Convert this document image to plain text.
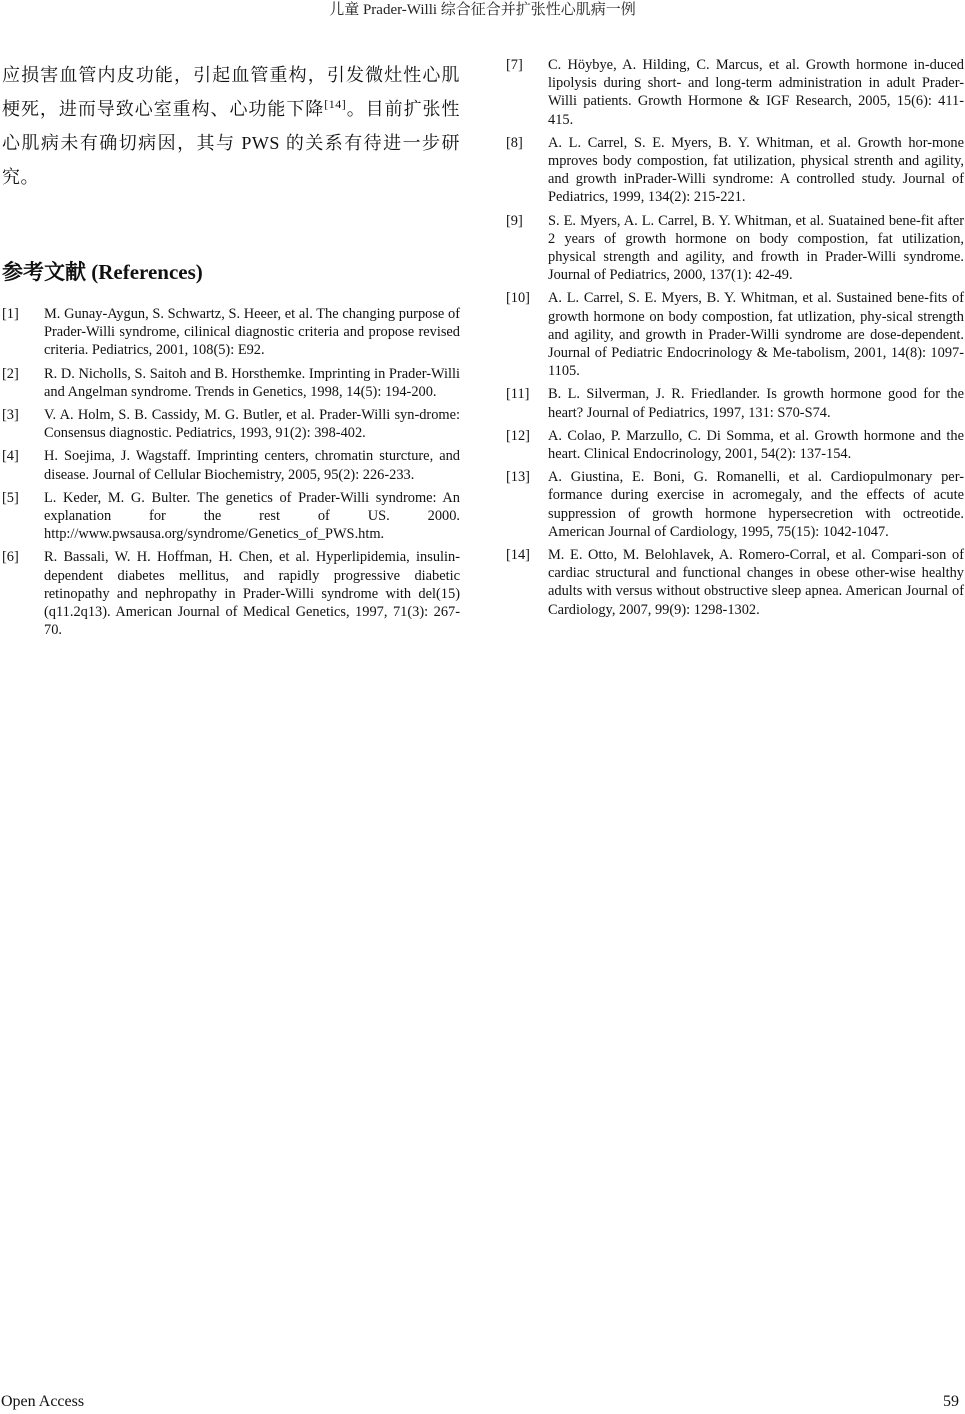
儿童 Prader-Willi 综合征合并扩张性心肌病一例

应损害血管内皮功能，引起血管重构，引发微灶性心肌梗死，进而导致心室重构、心功能下降[14]。目前扩张性心肌病未有确切病因，其与 PWS 的关系有待进一步研究。

参考文献 (References)
[1]	M. Gunay-Aygun, S. Schwartz, S. Heeer, et al. The changing purpose of Prader-Willi syndrome, cilinical diagnostic criteria and propose revised criteria. Pediatrics, 2001, 108(5): E92.
[2]	R. D. Nicholls, S. Saitoh and B. Horsthemke. Imprinting in Prader-Willi and Angelman syndrome. Trends in Genetics, 1998, 14(5): 194-200.
[3]	V. A. Holm, S. B. Cassidy, M. G. Butler, et al. Prader-Willi syn-drome: Consensus diagnostic. Pediatrics, 1993, 91(2): 398-402.
[4]	H. Soejima, J. Wagstaff. Imprinting centers, chromatin sturcture, and disease. Journal of Cellular Biochemistry, 2005, 95(2): 226-233.
[5]	L. Keder, M. G. Bulter. The genetics of Prader-Willi syndrome: An explanation for the rest of US. 2000. http://www.pwsausa.org/syndrome/Genetics_of_PWS.htm.
[6]	R. Bassali, W. H. Hoffman, H. Chen, et al. Hyperlipidemia, insulin-dependent diabetes mellitus, and rapidly progressive diabetic retinopathy and nephropathy in Prader-Willi syndrome with del(15)(q11.2q13). American Journal of Medical Genetics, 1997, 71(3): 267-70.
[7]	C. Höybye, A. Hilding, C. Marcus, et al. Growth hormone in-duced lipolysis during short- and long-term administration in adult Prader-Willi patients. Growth Hormone & IGF Research, 2005, 15(6): 411-415.
[8]	A. L. Carrel, S. E. Myers, B. Y. Whitman, et al. Growth hor-mone mproves body compostion, fat utilization, physical strenth and agility, and growth inPrader-Willi syndrome: A controlled study. Journal of Pediatrics, 1999, 134(2): 215-221.
[9]	S. E. Myers, A. L. Carrel, B. Y. Whitman, et al. Suatained bene-fit after 2 years of growth hormone on body compostion, fat utilization, physical strength and agility, and frowth in Prader-Willi syndrome. Journal of Pediatrics, 2000, 137(1): 42-49.
[10]	A. L. Carrel, S. E. Myers, B. Y. Whitman, et al. Sustained bene-fits of growth hormone on body compostion, fat utlization, phy-sical strength and agility, and growth in Prader-Willi syndrome are dose-dependent. Journal of Pediatric Endocrinology & Me-tabolism, 2001, 14(8): 1097-1105.
[11]	B. L. Silverman, J. R. Friedlander. Is growth hormone good for the heart? Journal of Pediatrics, 1997, 131: S70-S74.
[12]	A. Colao, P. Marzullo, C. Di Somma, et al. Growth hormone and the heart. Clinical Endocrinology, 2001, 54(2): 137-154.
[13]	A. Giustina, E. Boni, G. Romanelli, et al. Cardiopulmonary per-formance during exercise in acromegaly, and the effects of acute suppression of growth hormone hypersecretion with octreotide. American Journal of Cardiology, 1995, 75(15): 1042-1047.
[14]	M. E. Otto, M. Belohlavek, A. Romero-Corral, et al. Compari-son of cardiac structural and functional changes in obese other-wise healthy adults with versus without obstructive sleep apnea. American Journal of Cardiology, 2007, 99(9): 1298-1302.
Open Access	59
